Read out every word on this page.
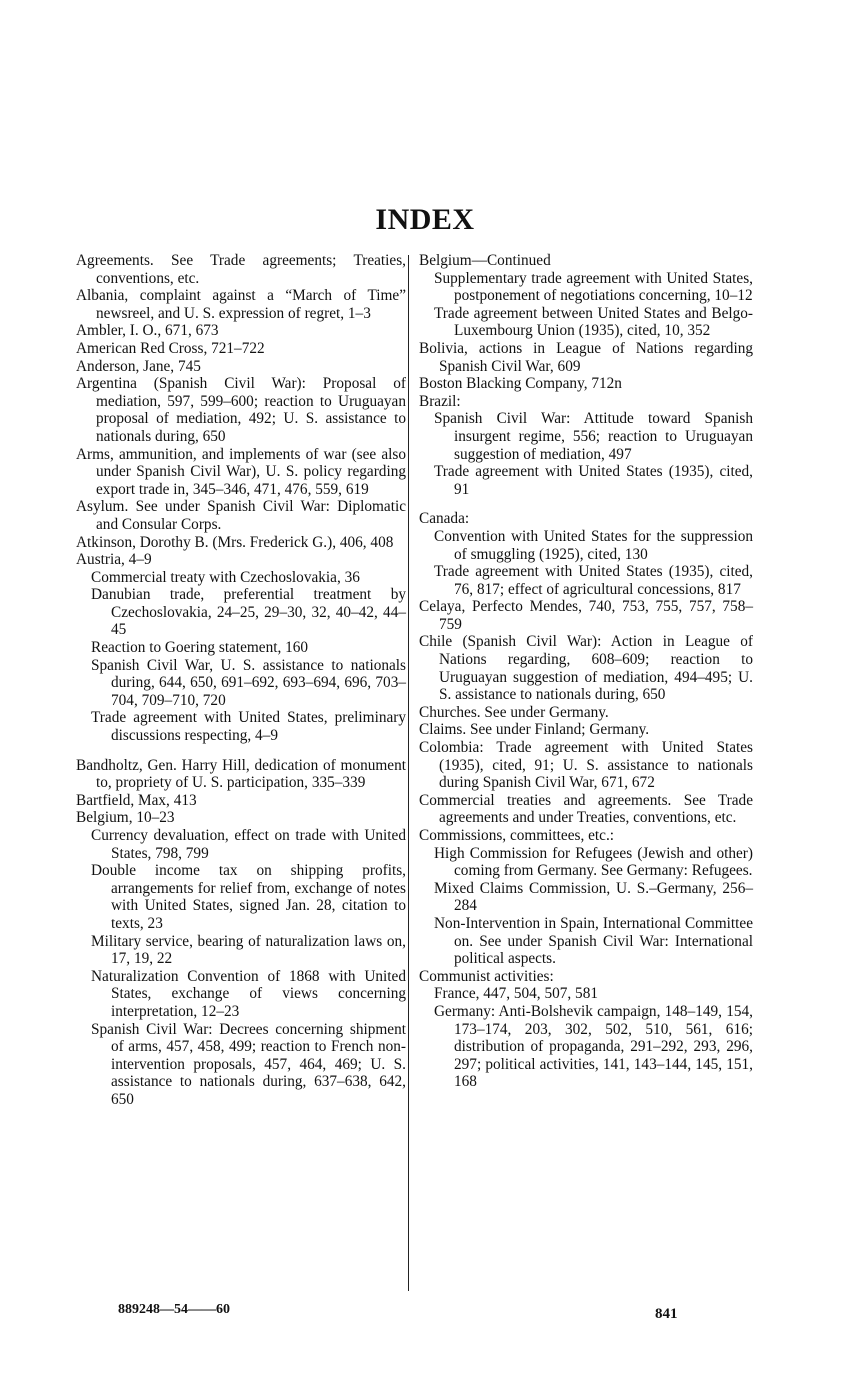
INDEX
Agreements. See Trade agreements; Treaties, conventions, etc.
Albania, complaint against a “March of Time” newsreel, and U. S. expression of regret, 1–3
Ambler, I. O., 671, 673
American Red Cross, 721–722
Anderson, Jane, 745
Argentina (Spanish Civil War): Proposal of mediation, 597, 599–600; reaction to Uruguayan proposal of mediation, 492; U. S. assistance to nationals during, 650
Arms, ammunition, and implements of war (see also under Spanish Civil War), U. S. policy regarding export trade in, 345–346, 471, 476, 559, 619
Asylum. See under Spanish Civil War: Diplomatic and Consular Corps.
Atkinson, Dorothy B. (Mrs. Frederick G.), 406, 408
Austria, 4–9
Commercial treaty with Czechoslovakia, 36
Danubian trade, preferential treatment by Czechoslovakia, 24–25, 29–30, 32, 40–42, 44–45
Reaction to Goering statement, 160
Spanish Civil War, U. S. assistance to nationals during, 644, 650, 691–692, 693–694, 696, 703–704, 709–710, 720
Trade agreement with United States, preliminary discussions respecting, 4–9
Bandholtz, Gen. Harry Hill, dedication of monument to, propriety of U. S. participation, 335–339
Bartfield, Max, 413
Belgium, 10–23
Currency devaluation, effect on trade with United States, 798, 799
Double income tax on shipping profits, arrangements for relief from, exchange of notes with United States, signed Jan. 28, citation to texts, 23
Military service, bearing of naturalization laws on, 17, 19, 22
Naturalization Convention of 1868 with United States, exchange of views concerning interpretation, 12–23
Spanish Civil War: Decrees concerning shipment of arms, 457, 458, 499; reaction to French non-intervention proposals, 457, 464, 469; U. S. assistance to nationals during, 637–638, 642, 650
Belgium—Continued
Supplementary trade agreement with United States, postponement of negotiations concerning, 10–12
Trade agreement between United States and Belgo-Luxembourg Union (1935), cited, 10, 352
Bolivia, actions in League of Nations regarding Spanish Civil War, 609
Boston Blacking Company, 712n
Brazil:
Spanish Civil War: Attitude toward Spanish insurgent regime, 556; reaction to Uruguayan suggestion of mediation, 497
Trade agreement with United States (1935), cited, 91
Canada:
Convention with United States for the suppression of smuggling (1925), cited, 130
Trade agreement with United States (1935), cited, 76, 817; effect of agricultural concessions, 817
Celaya, Perfecto Mendes, 740, 753, 755, 757, 758–759
Chile (Spanish Civil War): Action in League of Nations regarding, 608–609; reaction to Uruguayan suggestion of mediation, 494–495; U. S. assistance to nationals during, 650
Churches. See under Germany.
Claims. See under Finland; Germany.
Colombia: Trade agreement with United States (1935), cited, 91; U. S. assistance to nationals during Spanish Civil War, 671, 672
Commercial treaties and agreements. See Trade agreements and under Treaties, conventions, etc.
Commissions, committees, etc.:
High Commission for Refugees (Jewish and other) coming from Germany. See Germany: Refugees.
Mixed Claims Commission, U. S.–Germany, 256–284
Non-Intervention in Spain, International Committee on. See under Spanish Civil War: International political aspects.
Communist activities:
France, 447, 504, 507, 581
Germany: Anti-Bolshevik campaign, 148–149, 154, 173–174, 203, 302, 502, 510, 561, 616; distribution of propaganda, 291–292, 293, 296, 297; political activities, 141, 143–144, 145, 151, 168
889248—54——60	841
